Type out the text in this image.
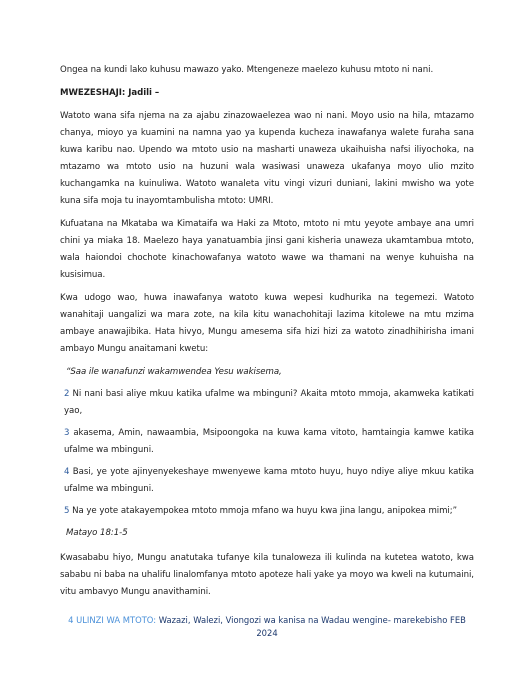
Ongea na kundi lako kuhusu mawazo yako. Mtengeneze maelezo kuhusu mtoto ni nani.

MWEZESHAJI: Jadili –

Watoto wana sifa njema na za ajabu zinazowaelezea wao ni nani. Moyo usio na hila, mtazamo chanya, mioyo ya kuamini na namna yao ya kupenda kucheza inawafanya walete furaha sana kuwa karibu nao. Upendo wa mtoto usio na masharti unaweza ukaihuisha nafsi iliyochoka, na mtazamo wa mtoto usio na huzuni wala wasiwasi unaweza ukafanya moyo ulio mzito kuchangamka na kuinuliwa. Watoto wanaleta vitu vingi vizuri duniani, lakini mwisho wa yote kuna sifa moja tu inayomtambulisha mtoto: UMRI.

Kufuatana na Mkataba wa Kimataifa wa Haki za Mtoto, mtoto ni mtu yeyote ambaye ana umri chini ya miaka 18. Maelezo haya yanatuambia jinsi gani kisheria unaweza ukamtambua mtoto, wala haiondoi chochote kinachowafanya watoto wawe wa thamani na wenye kuhuisha na kusisimua.

Kwa udogo wao, huwa inawafanya watoto kuwa wepesi kudhurika na tegemezi. Watoto wanahitaji uangalizi wa mara zote, na kila kitu wanachohitaji lazima kitolewe na mtu mzima ambaye anawajibika. Hata hivyo, Mungu amesema sifa hizi hizi za watoto zinadhihirisha imani ambayo Mungu anaitamani kwetu:

“Saa ile wanafunzi wakamwendea Yesu wakisema,

2 Ni nani basi aliye mkuu katika ufalme wa mbinguni? Akaita mtoto mmoja, akamweka katikati yao,

3 akasema, Amin, nawaambia, Msipoongoka na kuwa kama vitoto, hamtaingia kamwe katika ufalme wa mbinguni.

4 Basi, ye yote ajinyenyekeshaye mwenyewe kama mtoto huyu, huyo ndiye aliye mkuu katika ufalme wa mbinguni.

5 Na ye yote atakayempokea mtoto mmoja mfano wa huyu kwa jina langu, anipokea mimi;”

Matayo 18:1-5

Kwasababu hiyo, Mungu anatutaka tufanye kila tunaloweza ili kulinda na kutetea watoto, kwa sababu ni baba na uhalifu linalomfanya mtoto apoteze hali yake ya moyo wa kweli na kutumaini, vitu ambavyo Mungu anavithamini.

4 ULINZI WA MTOTO: Wazazi, Walezi, Viongozi wa kanisa na Wadau wengine- marekebisho FEB 2024
